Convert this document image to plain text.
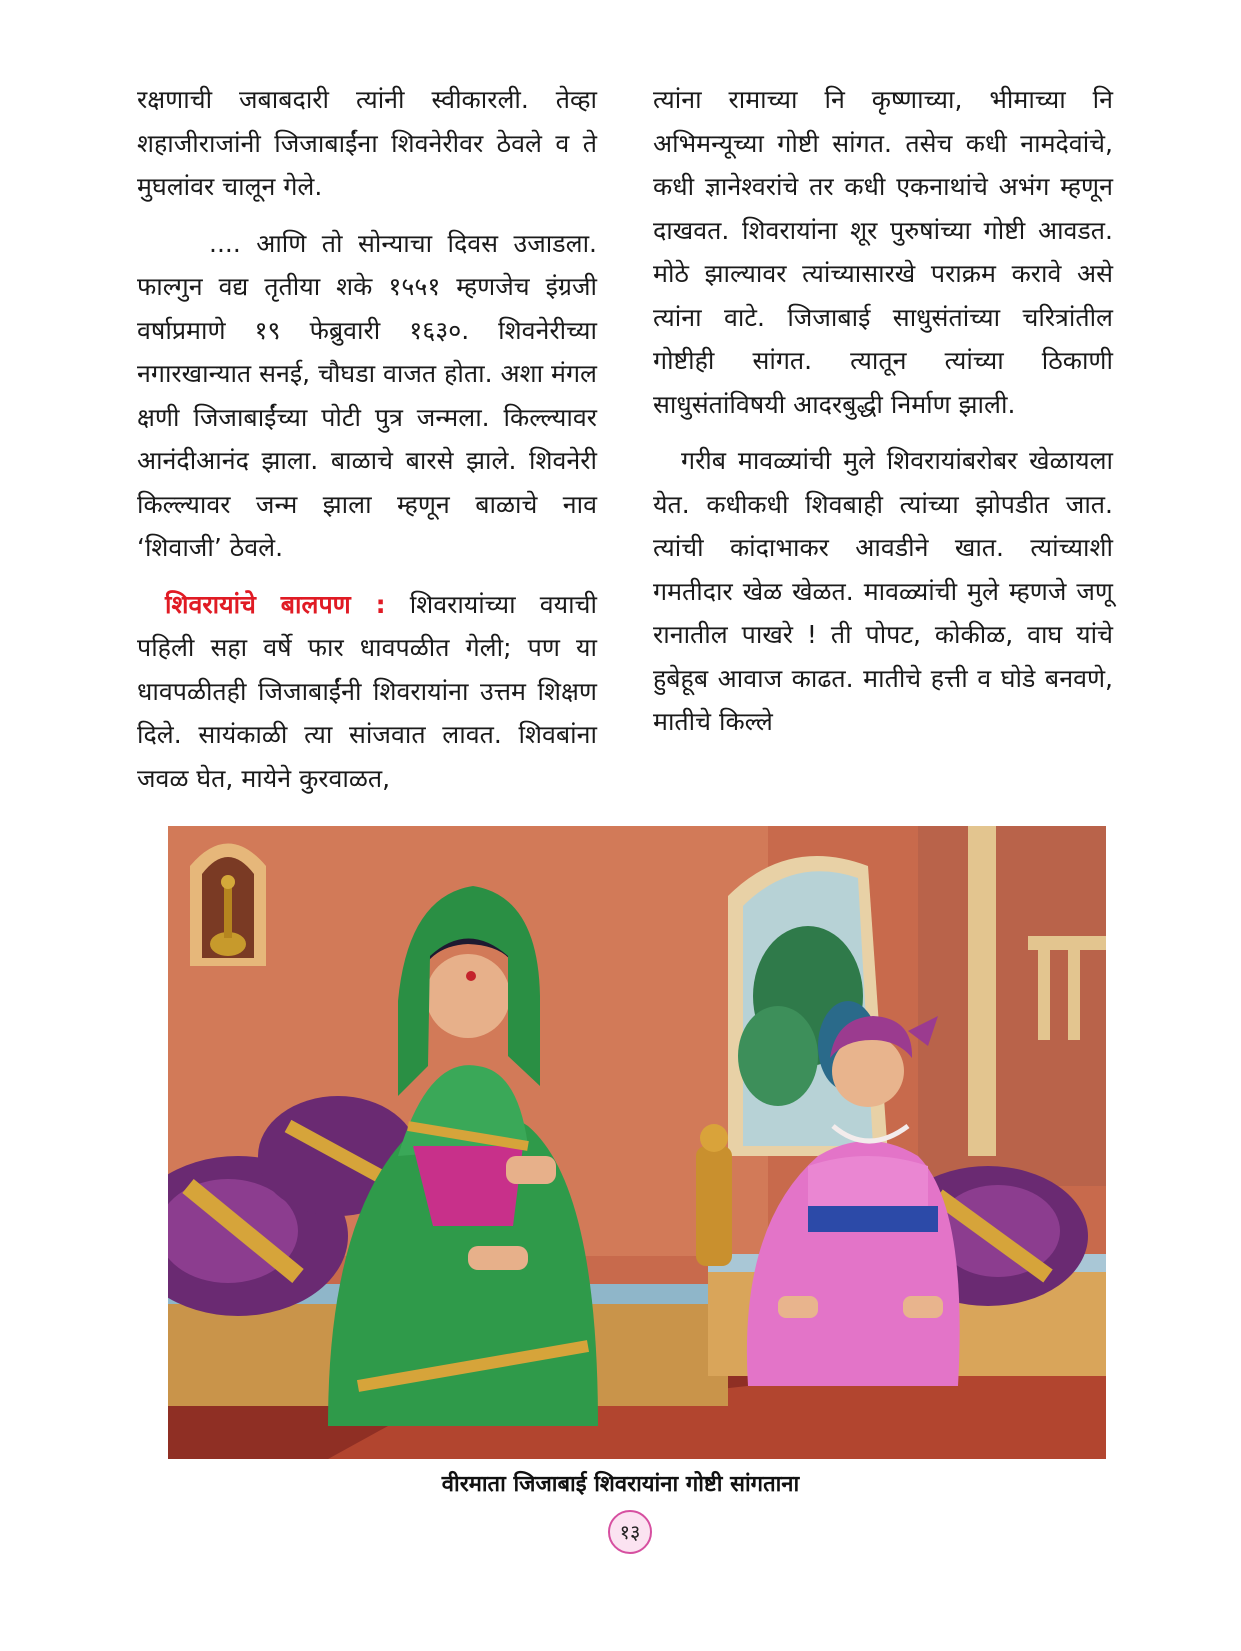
रक्षणाची जबाबदारी त्यांनी स्वीकारली. तेव्हा शहाजीराजांनी जिजाबाईंना शिवनेरीवर ठेवले व ते मुघलांवर चालून गेले.

.... आणि तो सोन्याचा दिवस उजाडला. फाल्गुन वद्य तृतीया शके १५५१ म्हणजेच इंग्रजी वर्षाप्रमाणे १९ फेब्रुवारी १६३०. शिवनेरीच्या नगारखान्यात सनई, चौघडा वाजत होता. अशा मंगल क्षणी जिजाबाईंच्या पोटी पुत्र जन्मला. किल्ल्यावर आनंदीआनंद झाला. बाळाचे बारसे झाले. शिवनेरी किल्ल्यावर जन्म झाला म्हणून बाळाचे नाव ‘शिवाजी’ ठेवले.

शिवरायांचे बालपण : शिवरायांच्या वयाची पहिली सहा वर्षे फार धावपळीत गेली; पण या धावपळीतही जिजाबाईंनी शिवरायांना उत्तम शिक्षण दिले. सायंकाळी त्या सांजवात लावत. शिवबांना जवळ घेत, मायेने कुरवाळत,

त्यांना रामाच्या नि कृष्णाच्या, भीमाच्या नि अभिमन्यूच्या गोष्टी सांगत. तसेच कधी नामदेवांचे, कधी ज्ञानेश्वरांचे तर कधी एकनाथांचे अभंग म्हणून दाखवत. शिवरायांना शूर पुरुषांच्या गोष्टी आवडत. मोठे झाल्यावर त्यांच्यासारखे पराक्रम करावे असे त्यांना वाटे. जिजाबाई साधुसंतांच्या चरित्रांतील गोष्टीही सांगत. त्यातून त्यांच्या ठिकाणी साधुसंतांविषयी आदरबुद्धी निर्माण झाली.

गरीब मावळ्यांची मुले शिवरायांबरोबर खेळायला येत. कधीकधी शिवबाही त्यांच्या झोपडीत जात. त्यांची कांदाभाकर आवडीने खात. त्यांच्याशी गमतीदार खेळ खेळत. मावळ्यांची मुले म्हणजे जणू रानातील पाखरे ! ती पोपट, कोकीळ, वाघ यांचे हुबेहूब आवाज काढत. मातीचे हत्ती व घोडे बनवणे, मातीचे किल्ले

वीरमाता जिजाबाई शिवरायांना गोष्टी सांगताना
१३
